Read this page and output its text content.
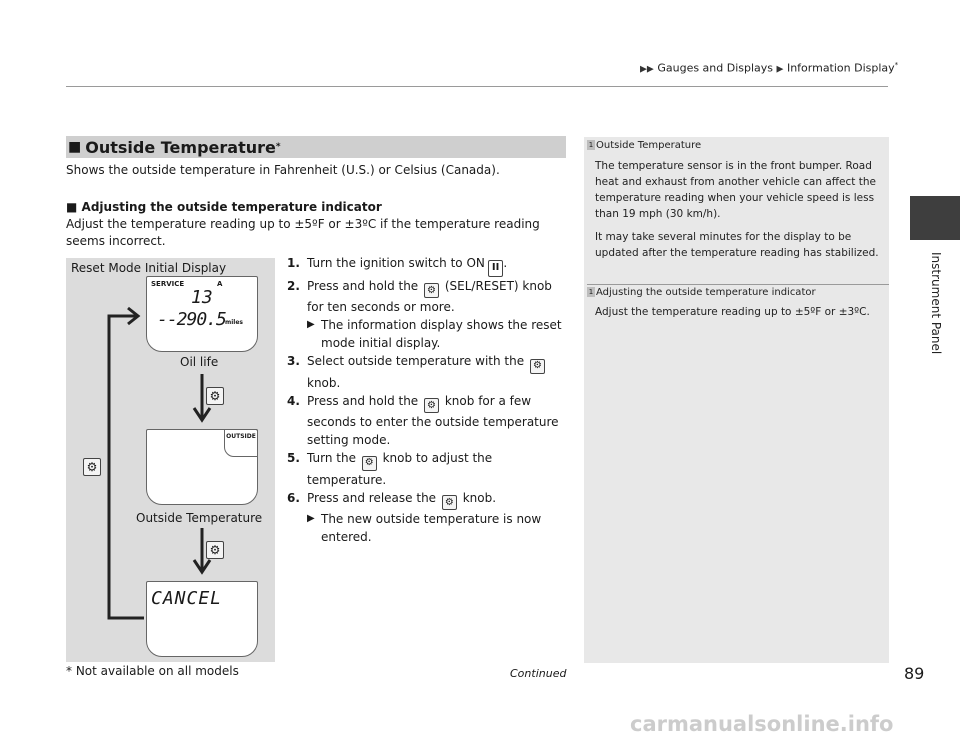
▶▶ Gauges and Displays ▶ Information Display*
Instrument Panel
■ Outside Temperature *
Shows the outside temperature in Fahrenheit (U.S.) or Celsius (Canada).
■ Adjusting the outside temperature indicator
Adjust the temperature reading up to ±5ºF or ±3ºC if the temperature reading seems incorrect.
1. Turn the ignition switch to ON II .
2. Press and hold the ⚙ (SEL/RESET) knob for ten seconds or more.
▶ The information display shows the reset mode initial display.
3. Select outside temperature with the ⚙ knob.
4. Press and hold the ⚙ knob for a few seconds to enter the outside temperature setting mode.
5. Turn the ⚙ knob to adjust the temperature.
6. Press and release the ⚙ knob.
▶ The new outside temperature is now entered.
Reset Mode Initial Display
SERVICE	A
13
--290.5 miles
Oil life
OUTSIDE
Outside Temperature
CANCEL
⚙
⚙
⚙
1 Outside Temperature

The temperature sensor is in the front bumper. Road heat and exhaust from another vehicle can affect the temperature reading when your vehicle speed is less than 19 mph (30 km/h).

It may take several minutes for the display to be updated after the temperature reading has stabilized.

1 Adjusting the outside temperature indicator
Adjust the temperature reading up to ±5ºF or ±3ºC.
* Not available on all models	Continued	89
carmanualsonline.info
